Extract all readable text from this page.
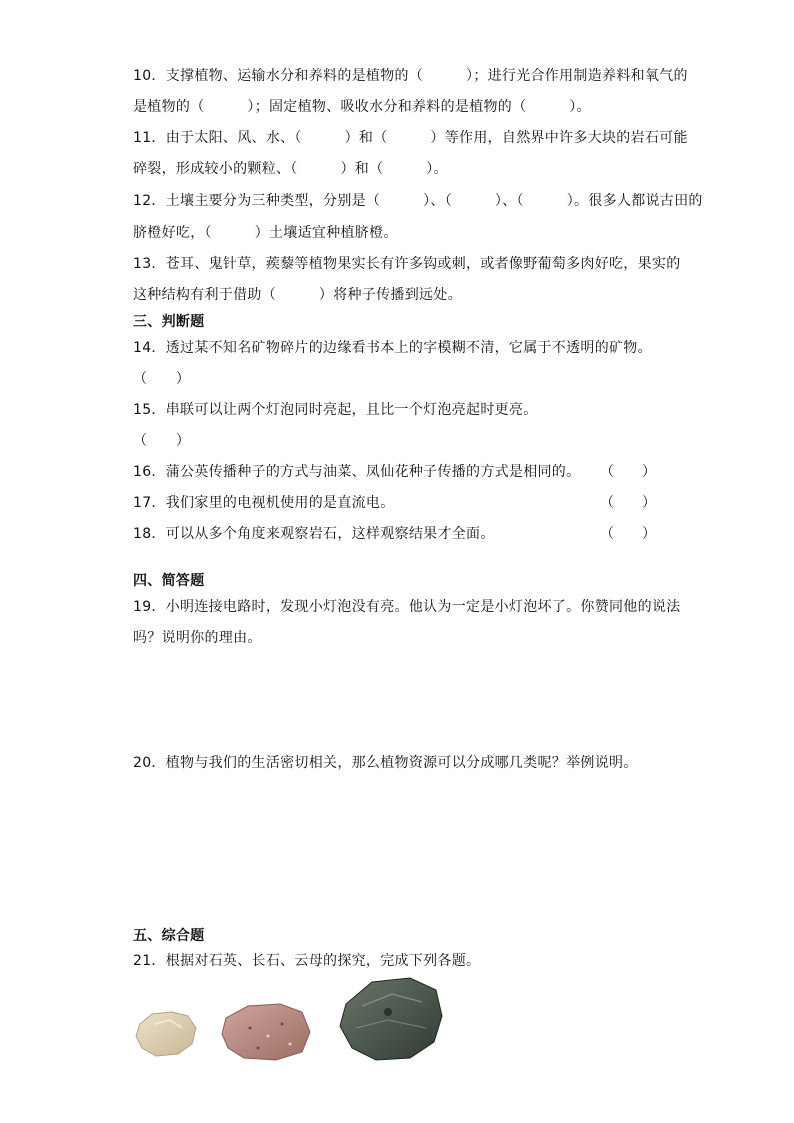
10．支撑植物、运输水分和养料的是植物的（　　　）；进行光合作用制造养料和氧气的
是植物的（　　　）；固定植物、吸收水分和养料的是植物的（　　　）。
11．由于太阳、风、水、（　　　）和（　　　）等作用，自然界中许多大块的岩石可能
碎裂，形成较小的颗粒、（　　　）和（　　　）。
12．土壤主要分为三种类型，分别是（　　　）、（　　　）、（　　　）。很多人都说古田的
脐橙好吃，（　　　）土壤适宜种植脐橙。
13．苍耳、鬼针草，蒺藜等植物果实长有许多钩或刺，或者像野葡萄多肉好吃，果实的
这种结构有利于借助（　　　）将种子传播到远处。
三、判断题
14．透过某不知名矿物碎片的边缘看书本上的字模糊不清，它属于不透明的矿物。
（　　）
15．串联可以让两个灯泡同时亮起，且比一个灯泡亮起时更亮。
（　　）
16．蒲公英传播种子的方式与油菜、凤仙花种子传播的方式是相同的。 （　　）
17．我们家里的电视机使用的是直流电。	（　　）
18．可以从多个角度来观察岩石，这样观察结果才全面。	（　　）
四、简答题
19．小明连接电路时，发现小灯泡没有亮。他认为一定是小灯泡坏了。你赞同他的说法
吗？说明你的理由。
20．植物与我们的生活密切相关，那么植物资源可以分成哪几类呢？举例说明。
五、综合题
21．根据对石英、长石、云母的探究，完成下列各题。
